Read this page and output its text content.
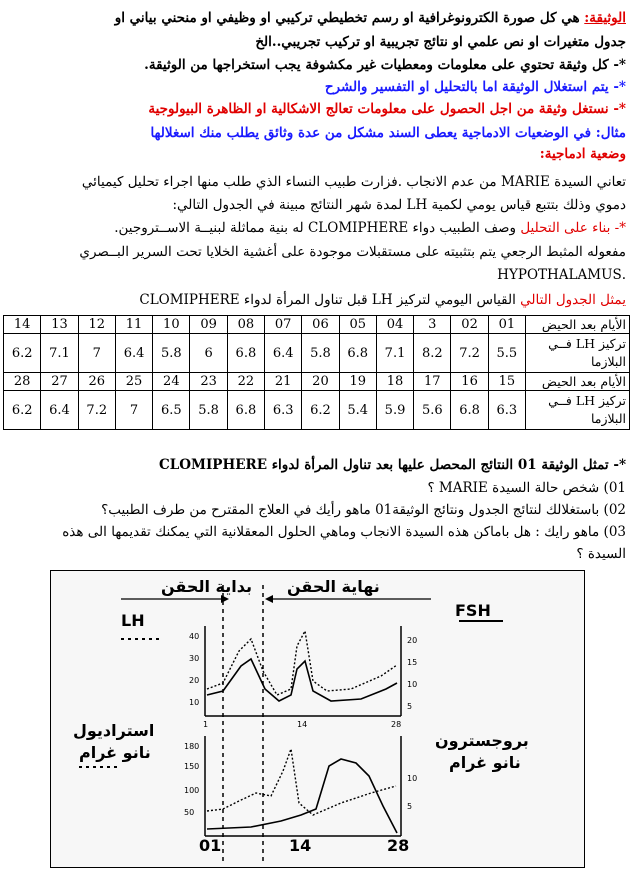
الوثيقة: هي كل صورة الكترونوغرافية او رسم تخطيطي تركيبي او وظيفي او منحني بياني او
جدول متغيرات او نص علمي او نتائج تجريبية او تركيب تجريبي..الخ
*- كل وثيقة تحتوي على معلومات ومعطيات غير مكشوفة يجب استخراجها من الوثيقة.
*- يتم استغلال الوثيقة اما بالتحليل او التفسير والشرح
*- نستغل وثيقة من اجل الحصول على معلومات تعالج الاشكالية او الظاهرة البيولوجية
مثال: في الوضعيات الادماجية يعطى السند مشكل من عدة وثائق يطلب منك اسغلالها
وضعية ادماجية:
تعاني السيدة MARIE من عدم الانجاب .فزارت طبيب النساء الذي طلب منها اجراء تحليل كيميائي
دموي وذلك بتتبع قياس يومي لكمية LH لمدة شهر النتائج مبينة في الجدول التالي:
*- بناء على التحليل وصف الطبيب دواء CLOMIPHERE له بنية مماثلة لبنيــة الاســتروجين.
مفعوله المثبط الرجعي يتم بتثبيته على مستقبلات موجودة على أغشية الخلايا تحت السرير البــصري
.HYPOTHALAMUS
يمثل الجدول التالي القياس اليومي لتركيز LH قبل تناول المرأة لدواء CLOMIPHERE
الأيام بعد الحيض	01	02	3	04	05	06	07	08	09	10	11	12	13	14

تركيز LH فــي
البلازما	5.5	7.2	8.2	7.1	6.8	5.8	6.4	6.8	6	5.8	6.4	7	7.1	6.2
الأيام بعد الحيض	15	16	17	18	19	20	21	22	23	24	25	26	27	28

تركيز LH فــي
البلازما	6.3	6.8	5.6	5.9	5.4	6.2	6.3	6.8	5.8	6.5	7	7.2	6.4	6.2
*- تمثل الوثيقة 01 النتائج المحصل عليها بعد تناول المرأة لدواء CLOMIPHERE
01) شخص حالة السيدة MARIE ؟
02) باستغلالك لنتائج الجدول ونتائج الوثيقة01 ماهو رأيك في العلاج المقترح من طرف الطبيب؟
03) ماهو رايك : هل باماكن هذه السيدة الانجاب وماهي الحلول المعقلانية التي يمكنك تقديمها الى هذه
السيدة ؟
40
30
20
10
20
15
10
5
1	14	28
180
150
100
50
10
5
01	14	28
بداية الحقن نهاية الحقن
LH
FSH
استراديول
نانو غرام
بروجسترون
نانو غرام
